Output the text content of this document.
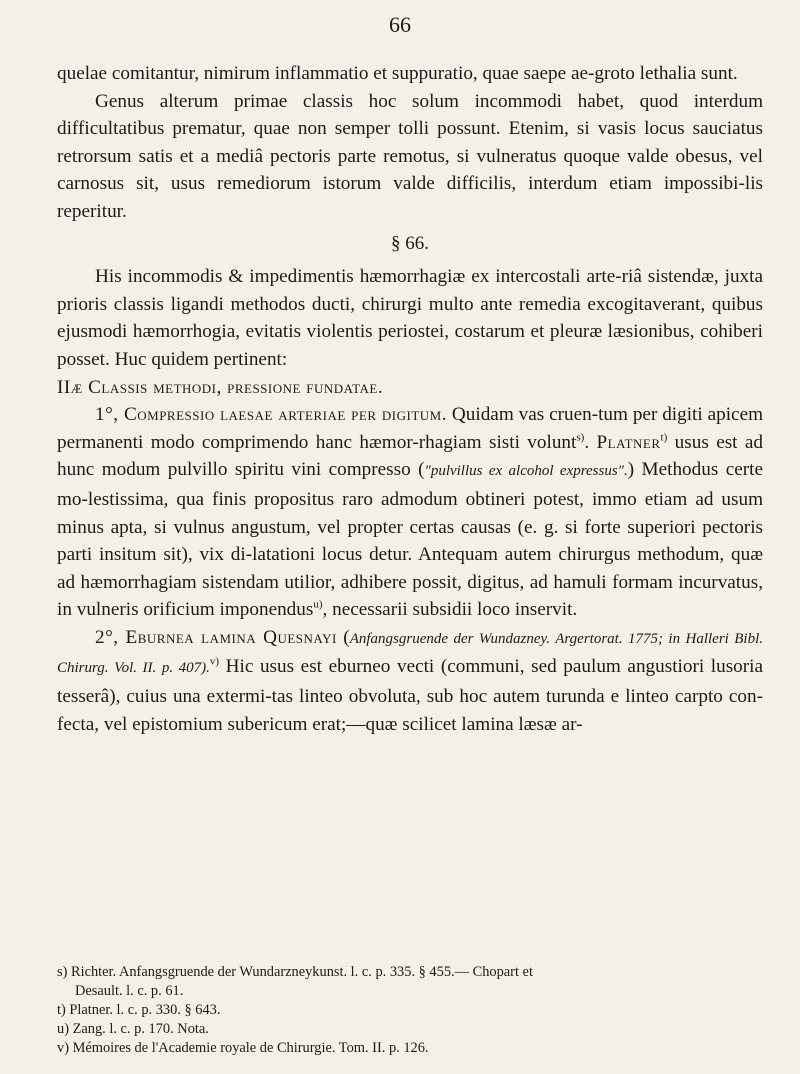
66

quelae comitantur, nimirum inflammatio et suppuratio, quae saepe ae-groto lethalia sunt.

Genus alterum primae classis hoc solum incommodi habet, quod interdum difficultatibus prematur, quae non semper tolli possunt. Etenim, si vasis locus sauciatus retrorsum satis et a mediâ pectoris parte remotus, si vulneratus quoque valde obesus, vel carnosus sit, usus remediorum istorum valde difficilis, interdum etiam impossibi-lis reperitur.

§ 66.

His incommodis & impedimentis hæmorrhagiæ ex intercostali arte-riâ sistendæ, juxta prioris classis ligandi methodos ducti, chirurgi multo ante remedia excogitaverant, quibus ejusmodi hæmorrhogia, evitatis violentis periostei, costarum et pleuræ læsionibus, cohiberi posset. Huc quidem pertinent:

IIæ Classis methodi, pressione fundatae.

1°, Compressio laesae arteriae per digitum. Quidam vas cruen-tum per digiti apicem permanenti modo comprimendo hanc hæmor-rhagiam sisti volunt$^{s)}$. Platner$^{t)}$ usus est ad hunc modum pulvillo spiritu vini compresso ("pulvillus ex alcohol expressus".) Methodus certe mo-lestissima, qua finis propositus raro admodum obtineri potest, immo etiam ad usum minus apta, si vulnus angustum, vel propter certas causas (e. g. si forte superiori pectoris parti insitum sit), vix di-latationi locus detur. Antequam autem chirurgus methodum, quæ ad hæmorrhagiam sistendam utilior, adhibere possit, digitus, ad hamuli formam incurvatus, in vulneris orificium imponendus$^{u)}$, necessarii subsidii loco inservit.

2°, Eburnea lamina Quesnayi (Anfangsgruende der Wundazney. Argertorat. 1775; in Halleri Bibl. Chirurg. Vol. II. p. 407).$^{v)}$ Hic usus est eburneo vecti (communi, sed paulum angustiori lusoria tesserâ), cuius una extermi-tas linteo obvoluta, sub hoc autem turunda e linteo carpto con-fecta, vel epistomium subericum erat;—quæ scilicet lamina læsæ ar-

s) Richter. Anfangsgruende der Wundarzneykunst. l. c. p. 335. § 455.— Chopart et

Desault. l. c. p. 61.

t) Platner. l. c. p. 330. § 643.

u) Zang. l. c. p. 170. Nota.

v) Mémoires de l'Academie royale de Chirurgie. Tom. II. p. 126.
